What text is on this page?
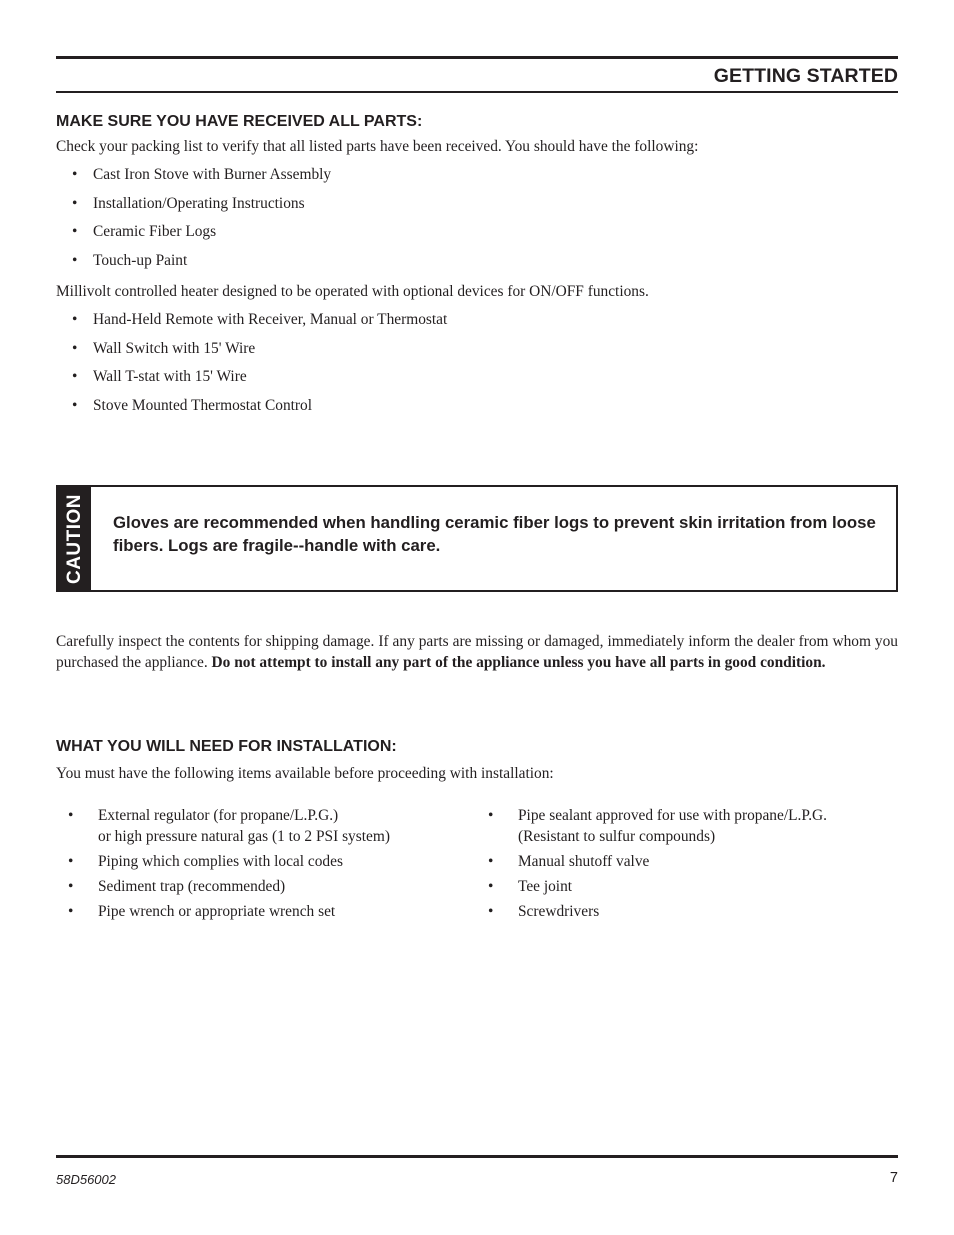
GETTING STARTED
MAKE SURE YOU HAVE RECEIVED ALL PARTS:
Check your packing list to verify that all listed parts have been received. You should have the following:
• Cast Iron Stove with Burner Assembly
• Installation/Operating Instructions
• Ceramic Fiber Logs
• Touch-up Paint
Millivolt controlled heater designed to be operated with optional devices for ON/OFF functions.
• Hand-Held Remote with Receiver, Manual or Thermostat
• Wall Switch with 15' Wire
• Wall T-stat with 15' Wire
• Stove Mounted Thermostat Control
CAUTION Gloves are recommended when handling ceramic fiber logs to prevent skin irritation from loose fibers. Logs are fragile--handle with care.
Carefully inspect the contents for shipping damage. If any parts are missing or damaged, immediately inform the dealer from whom you purchased the appliance. Do not attempt to install any part of the appliance unless you have all parts in good condition.
WHAT YOU WILL NEED FOR INSTALLATION:
You must have the following items available before proceeding with installation:
• External regulator (for propane/L.P.G.)
or high pressure natural gas (1 to 2 PSI system)
• Piping which complies with local codes
• Sediment trap (recommended)
• Pipe wrench or appropriate wrench set
• Pipe sealant approved for use with propane/L.P.G.
(Resistant to sulfur compounds)
• Manual shutoff valve
• Tee joint
• Screwdrivers
58D56002	7
